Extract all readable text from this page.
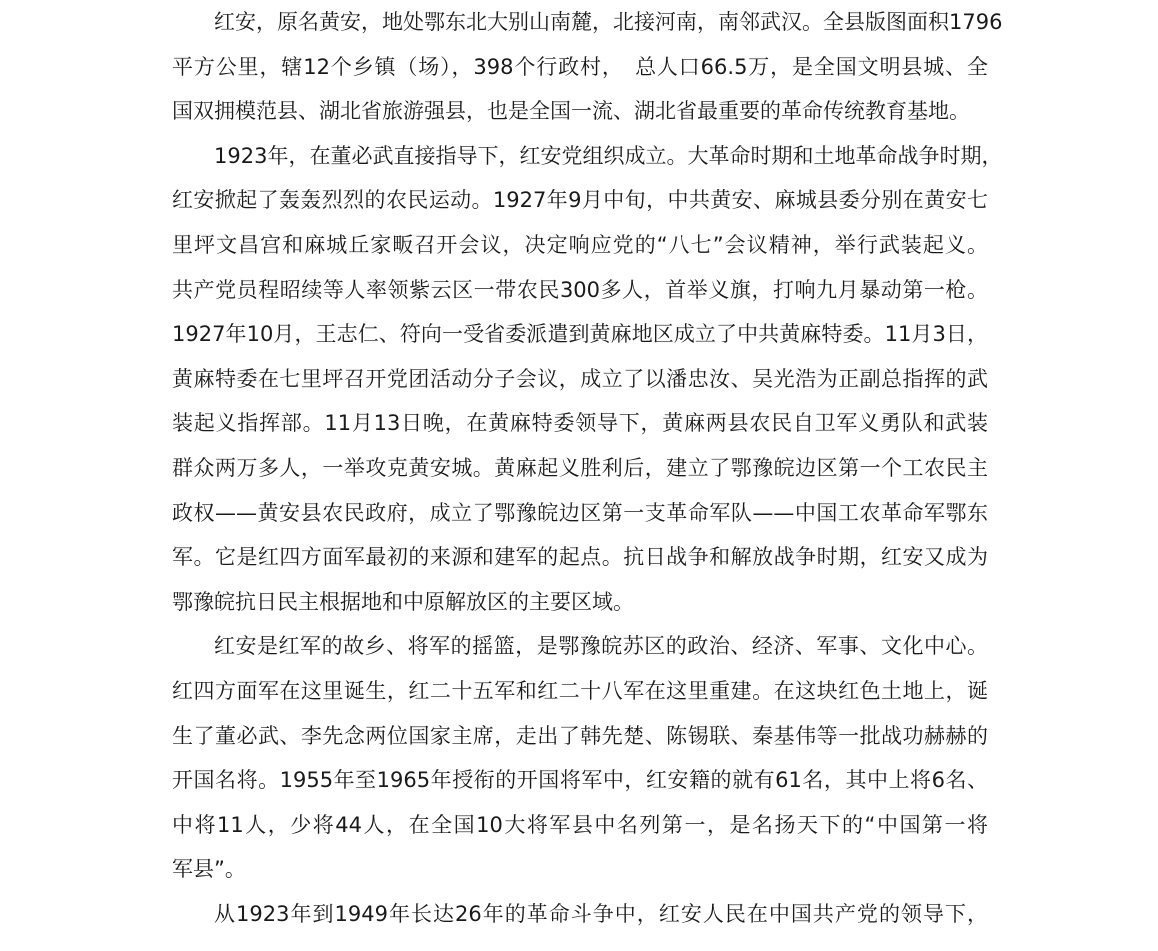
红安，原名黄安，地处鄂东北大别山南麓，北接河南，南邻武汉。全县版图面积1796
平方公里，辖12个乡镇（场），398个行政村，　总人口66.5万，是全国文明县城、全
国双拥模范县、湖北省旅游强县，也是全国一流、湖北省最重要的革命传统教育基地。
1923年，在董必武直接指导下，红安党组织成立。大革命时期和土地革命战争时期，
红安掀起了轰轰烈烈的农民运动。1927年9月中旬，中共黄安、麻城县委分别在黄安七
里坪文昌宫和麻城丘家畈召开会议，决定响应党的“八七”会议精神，举行武装起义。
共产党员程昭续等人率领紫云区一带农民300多人，首举义旗，打响九月暴动第一枪。
1927年10月，王志仁、符向一受省委派遣到黄麻地区成立了中共黄麻特委。11月3日，
黄麻特委在七里坪召开党团活动分子会议，成立了以潘忠汝、吴光浩为正副总指挥的武
装起义指挥部。11月13日晚，在黄麻特委领导下，黄麻两县农民自卫军义勇队和武装
群众两万多人，一举攻克黄安城。黄麻起义胜利后，建立了鄂豫皖边区第一个工农民主
政权——黄安县农民政府，成立了鄂豫皖边区第一支革命军队——中国工农革命军鄂东
军。它是红四方面军最初的来源和建军的起点。抗日战争和解放战争时期，红安又成为
鄂豫皖抗日民主根据地和中原解放区的主要区域。
红安是红军的故乡、将军的摇篮，是鄂豫皖苏区的政治、经济、军事、文化中心。
红四方面军在这里诞生，红二十五军和红二十八军在这里重建。在这块红色土地上，诞
生了董必武、李先念两位国家主席，走出了韩先楚、陈锡联、秦基伟等一批战功赫赫的
开国名将。1955年至1965年授衔的开国将军中，红安籍的就有61名，其中上将6名、
中将11人，少将44人，在全国10大将军县中名列第一，是名扬天下的“中国第一将
军县”。
从1923年到1949年长达26年的革命斗争中，红安人民在中国共产党的领导下，
